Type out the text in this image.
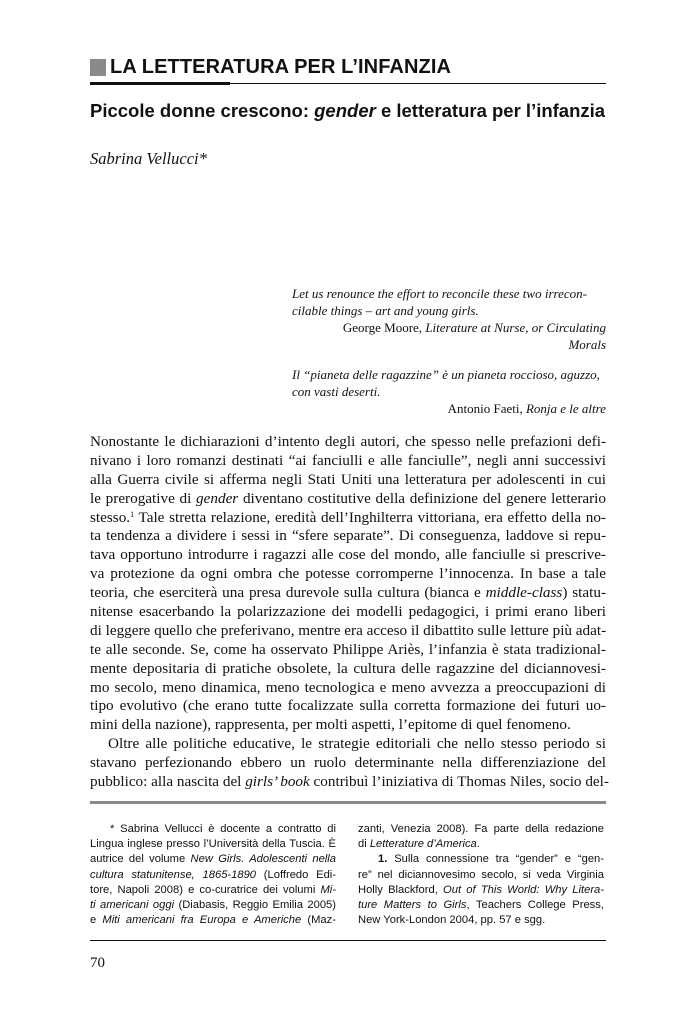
LA LETTERATURA PER L’INFANZIA
Piccole donne crescono: gender e letteratura per l’infanzia
Sabrina Vellucci*
Let us renounce the effort to reconcile these two irrecon-
cilable things – art and young girls.
George Moore, Literature at Nurse, or Circulating
Morals
Il “pianeta delle ragazzine” è un pianeta roccioso, aguzzo,
con vasti deserti.
Antonio Faeti, Ronja e le altre
Nonostante le dichiarazioni d’intento degli autori, che spesso nelle prefazioni defi-
nivano i loro romanzi destinati “ai fanciulli e alle fanciulle”, negli anni successivi
alla Guerra civile si afferma negli Stati Uniti una letteratura per adolescenti in cui
le prerogative di gender diventano costitutive della definizione del genere letterario
stesso.$^1$ Tale stretta relazione, eredità dell’Inghilterra vittoriana, era effetto della no-
ta tendenza a dividere i sessi in “sfere separate”. Di conseguenza, laddove si repu-
tava opportuno introdurre i ragazzi alle cose del mondo, alle fanciulle si prescrive-
va protezione da ogni ombra che potesse corromperne l’innocenza. In base a tale
teoria, che eserciterà una presa durevole sulla cultura (bianca e middle-class) statu-
nitense esacerbando la polarizzazione dei modelli pedagogici, i primi erano liberi
di leggere quello che preferivano, mentre era acceso il dibattito sulle letture più adat-
te alle seconde. Se, come ha osservato Philippe Ariès, l’infanzia è stata tradizional-
mente depositaria di pratiche obsolete, la cultura delle ragazzine del diciannovesi-
mo secolo, meno dinamica, meno tecnologica e meno avvezza a preoccupazioni di
tipo evolutivo (che erano tutte focalizzate sulla corretta formazione dei futuri uo-
mini della nazione), rappresenta, per molti aspetti, l’epitome di quel fenomeno.
Oltre alle politiche educative, le strategie editoriali che nello stesso periodo si
stavano perfezionando ebbero un ruolo determinante nella differenziazione del
pubblico: alla nascita del girls’ book contribuì l’iniziativa di Thomas Niles, socio del-
* Sabrina Vellucci è docente a contratto di
Lingua inglese presso l’Università della Tuscia. È
autrice del volume New Girls. Adolescenti nella
cultura statunitense, 1865-1890 (Loffredo Edi-
tore, Napoli 2008) e co-curatrice dei volumi Mi-
ti americani oggi (Diabasis, Reggio Emilia 2005)
e Miti americani fra Europa e Americhe (Maz-
zanti, Venezia 2008). Fa parte della redazione
di Letterature d’America.
1. Sulla connessione tra “gender” e “gen-
re” nel diciannovesimo secolo, si veda Virginia
Holly Blackford, Out of This World: Why Litera-
ture Matters to Girls, Teachers College Press,
New York-London 2004, pp. 57 e sgg.
70
